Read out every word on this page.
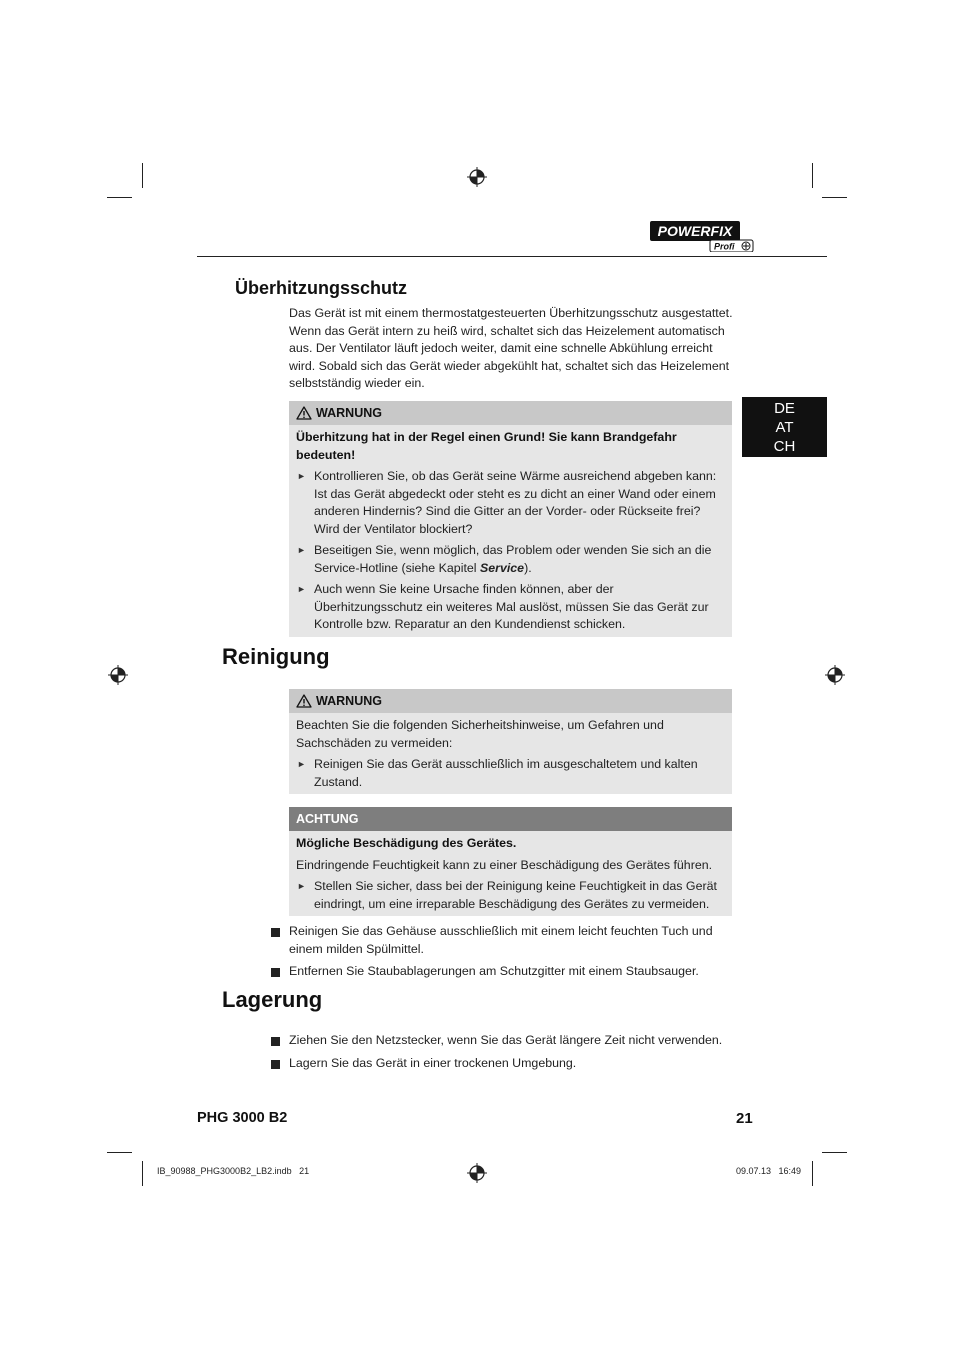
POWERFIX
Profi
DE
AT
CH
Überhitzungsschutz
Das Gerät ist mit einem thermostatgesteuerten Überhitzungsschutz ausgestattet. Wenn das Gerät intern zu heiß wird, schaltet sich das Heizelement automatisch aus. Der Ventilator läuft jedoch weiter, damit eine schnelle Abkühlung erreicht wird. Sobald sich das Gerät wieder abgekühlt hat, schaltet sich das Heizelement selbstständig wieder ein.
WARNUNG
Überhitzung hat in der Regel einen Grund! Sie kann Brandgefahr bedeuten!
► Kontrollieren Sie, ob das Gerät seine Wärme ausreichend abgeben kann: Ist das Gerät abgedeckt oder steht es zu dicht an einer Wand oder einem anderen Hindernis? Sind die Gitter an der Vorder- oder Rückseite frei? Wird der Ventilator blockiert?
► Beseitigen Sie, wenn möglich, das Problem oder wenden Sie sich an die Service-Hotline (siehe Kapitel Service).
► Auch wenn Sie keine Ursache finden können, aber der Überhitzungsschutz ein weiteres Mal auslöst, müssen Sie das Gerät zur Kontrolle bzw. Reparatur an den Kundendienst schicken.
Reinigung
WARNUNG
Beachten Sie die folgenden Sicherheitshinweise, um Gefahren und Sachschäden zu vermeiden:
► Reinigen Sie das Gerät ausschließlich im ausgeschaltetem und kalten Zustand.
ACHTUNG
Mögliche Beschädigung des Gerätes.
Eindringende Feuchtigkeit kann zu einer Beschädigung des Gerätes führen.
► Stellen Sie sicher, dass bei der Reinigung keine Feuchtigkeit in das Gerät eindringt, um eine irreparable Beschädigung des Gerätes zu vermeiden.
Reinigen Sie das Gehäuse ausschließlich mit einem leicht feuchten Tuch und einem milden Spülmittel.
Entfernen Sie Staubablagerungen am Schutzgitter mit einem Staubsauger.
Lagerung
Ziehen Sie den Netzstecker, wenn Sie das Gerät längere Zeit nicht verwenden.
Lagern Sie das Gerät in einer trockenen Umgebung.
PHG 3000 B2	21
IB_90988_PHG3000B2_LB2.indb   21	09.07.13   16:49
